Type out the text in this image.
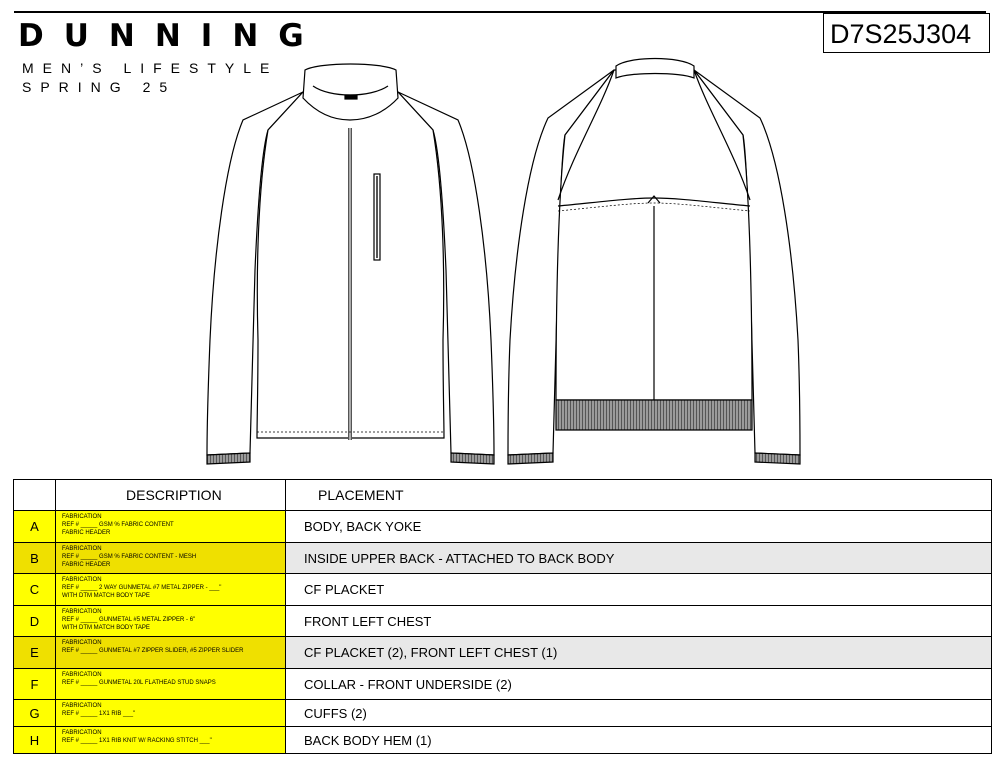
DUNNING
MEN’S LIFESTYLE
SPRING 25
D7S25J304
	DESCRIPTION	PLACEMENT
A	FABRICATION
REF # _____ GSM % FABRIC CONTENT
FABRIC HEADER	BODY, BACK YOKE
B	FABRICATION
REF # _____ GSM % FABRIC CONTENT - MESH
FABRIC HEADER	INSIDE UPPER BACK - ATTACHED TO BACK BODY
C	FABRICATION
REF # _____ 2 WAY GUNMETAL #7 METAL ZIPPER - ___"
WITH DTM MATCH BODY TAPE	CF PLACKET
D	FABRICATION
REF # _____ GUNMETAL #5 METAL ZIPPER - 6"
WITH DTM MATCH BODY TAPE	FRONT LEFT CHEST
E	FABRICATION
REF # _____ GUNMETAL #7 ZIPPER SLIDER, #5 ZIPPER SLIDER	CF PLACKET (2), FRONT LEFT CHEST (1)
F	FABRICATION
REF # _____ GUNMETAL 20L FLATHEAD STUD SNAPS	COLLAR - FRONT UNDERSIDE (2)
G	FABRICATION
REF # _____ 1X1 RIB ___"	CUFFS (2)
H	FABRICATION
REF # _____ 1X1 RIB KNIT W/ RACKING STITCH ___"	BACK BODY HEM (1)
